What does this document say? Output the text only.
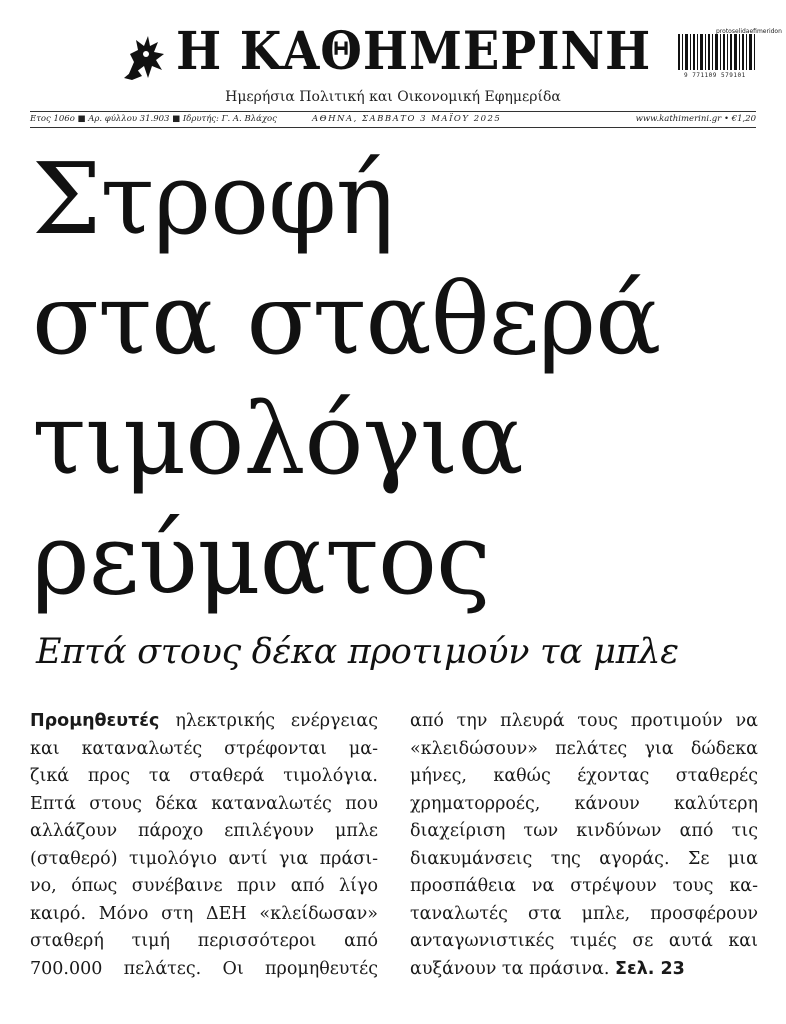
Η ΚΑΘΗΜΕΡΙΝΗ	protoselidaefimeridon
9 771109 579101
Ημερήσια Πολιτική και Οικονομική Εφημερίδα
Ετος 106ο ■ Αρ. φύλλου 31.903 ■ Ιδρυτής: Γ. Α. Βλάχος	ΑΘΗΝΑ, ΣΑΒΒΑΤΟ 3 ΜΑΪΟΥ 2025	www.kathimerini.gr • €1,20
Στροφή
στα σταθερά
τιμολόγια
ρεύματος
Επτά στους δέκα προτιμούν τα μπλε
Προμηθευτές ηλεκτρικής ενέργειας
και καταναλωτές στρέφονται μα-
ζικά προς τα σταθερά τιμολόγια.
Επτά στους δέκα καταναλωτές που
αλλάζουν πάροχο επιλέγουν μπλε
(σταθερό) τιμολόγιο αντί για πράσι-
νο, όπως συνέβαινε πριν από λίγο
καιρό. Μόνο στη ΔΕΗ «κλείδωσαν»
σταθερή τιμή περισσότεροι από
700.000 πελάτες. Οι προμηθευτές
από την πλευρά τους προτιμούν να
«κλειδώσουν» πελάτες για δώδεκα
μήνες, καθώς έχοντας σταθερές
χρηματορροές, κάνουν καλύτερη
διαχείριση των κινδύνων από τις
διακυμάνσεις της αγοράς. Σε μια
προσπάθεια να στρέψουν τους κα-
ταναλωτές στα μπλε, προσφέρουν
ανταγωνιστικές τιμές σε αυτά και
αυξάνουν τα πράσινα. Σελ. 23
